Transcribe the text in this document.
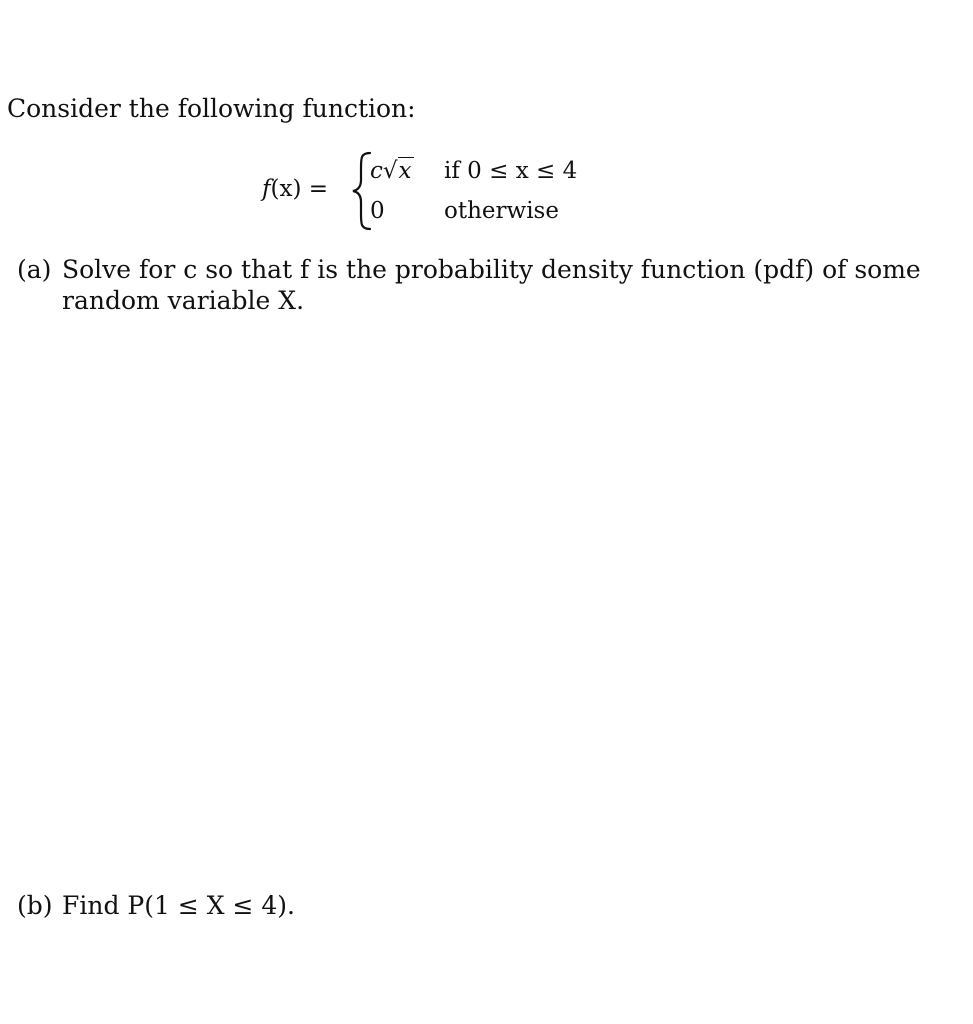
Consider the following function:
f(x) =
c√x if 0 ≤ x ≤ 4
0	otherwise
(a) Solve for c so that f is the probability density function (pdf) of some
random variable X.
(b) Find P(1 ≤ X ≤ 4).
